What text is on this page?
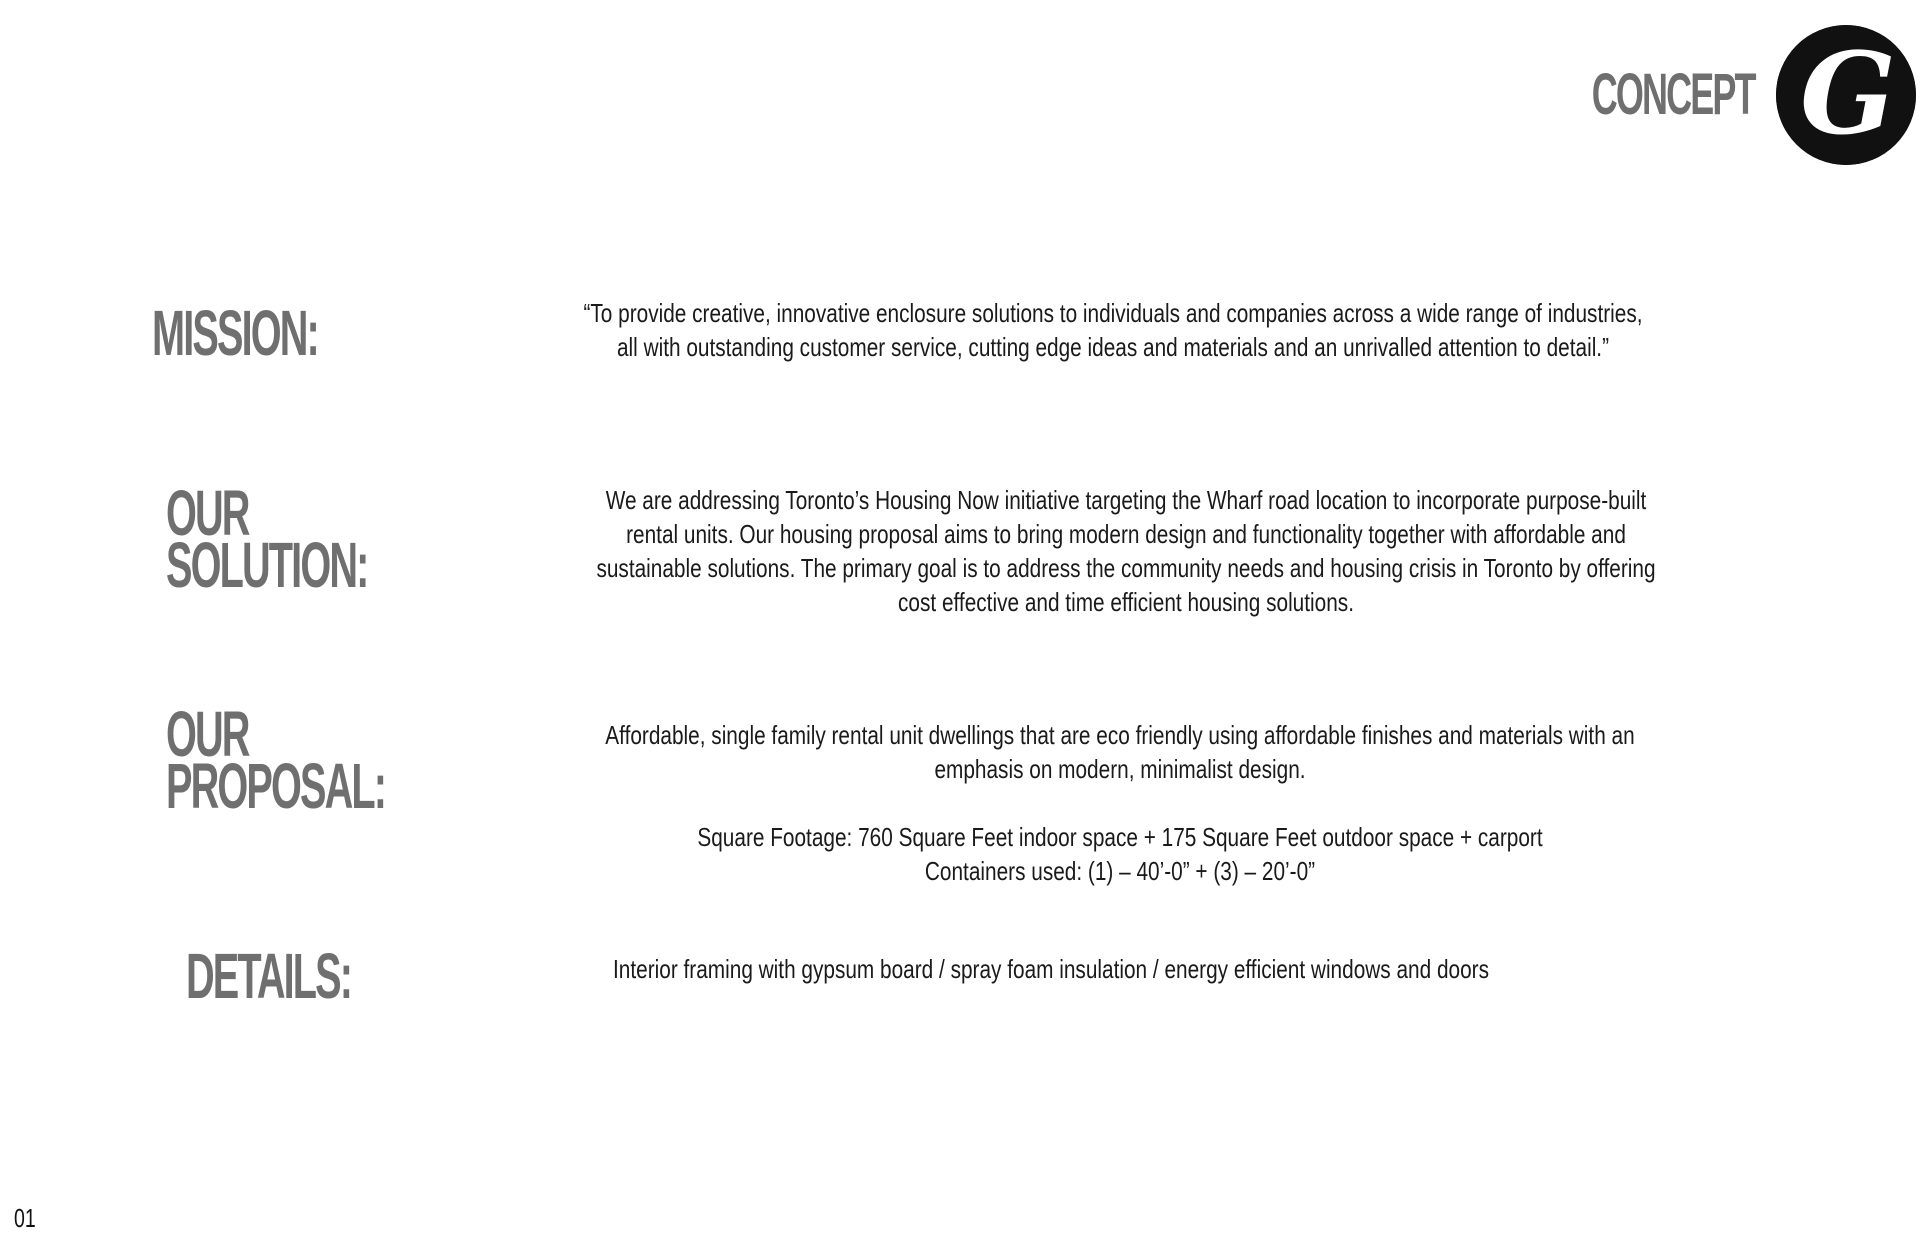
CONCEPT G
MISSION:	“To provide creative, innovative enclosure solutions to individuals and companies across a wide range of industries,

all with outstanding customer service, cutting edge ideas and materials and an unrivalled attention to detail.”

OUR
SOLUTION:

We are addressing Toronto’s Housing Now initiative targeting the Wharf road location to incorporate purpose-built

rental units. Our housing proposal aims to bring modern design and functionality together with affordable and

sustainable solutions. The primary goal is to address the community needs and housing crisis in Toronto by offering

cost effective and time efficient housing solutions.

OUR
PROPOSAL:

Affordable, single family rental unit dwellings that are eco friendly using affordable finishes and materials with an

emphasis on modern, minimalist design.

Square Footage: 760 Square Feet indoor space + 175 Square Feet outdoor space + carport

Containers used: (1) – 40’-0” + (3) – 20’-0”

DETAILS:	Interior framing with gypsum board / spray foam insulation / energy efficient windows and doors

01
